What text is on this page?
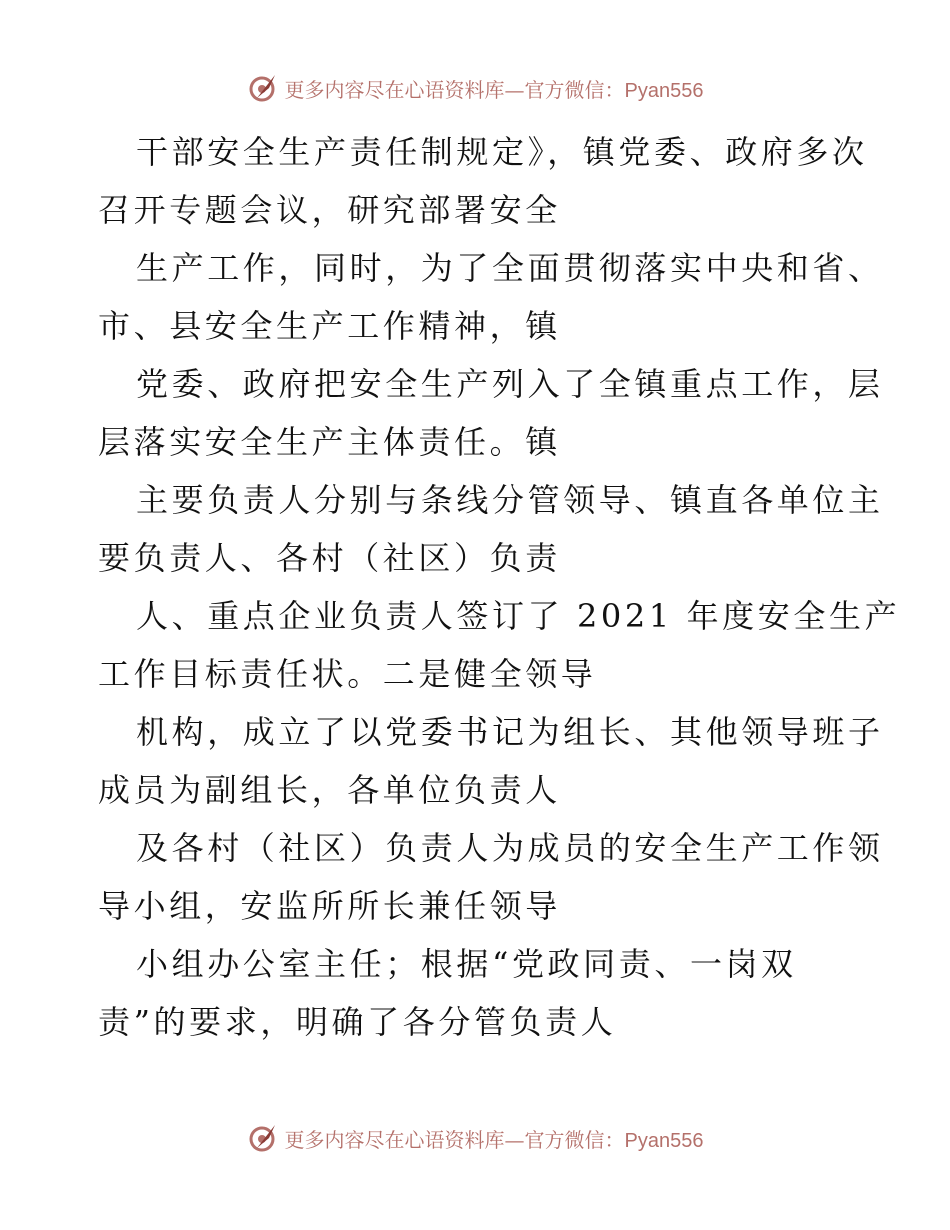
更多内容尽在心语资料库—官方微信：Pyan556

干部安全生产责任制规定》，镇党委、政府多次
召开专题会议，研究部署安全

生产工作，同时，为了全面贯彻落实中央和省、
市、县安全生产工作精神，镇

党委、政府把安全生产列入了全镇重点工作，层
层落实安全生产主体责任。镇

主要负责人分别与条线分管领导、镇直各单位主
要负责人、各村（社区）负责

人、重点企业负责人签订了 2021 年度安全生产
工作目标责任状。二是健全领导

机构，成立了以党委书记为组长、其他领导班子
成员为副组长，各单位负责人

及各村（社区）负责人为成员的安全生产工作领
导小组，安监所所长兼任领导

小组办公室主任；根据“党政同责、一岗双
责”的要求，明确了各分管负责人

更多内容尽在心语资料库—官方微信：Pyan556
